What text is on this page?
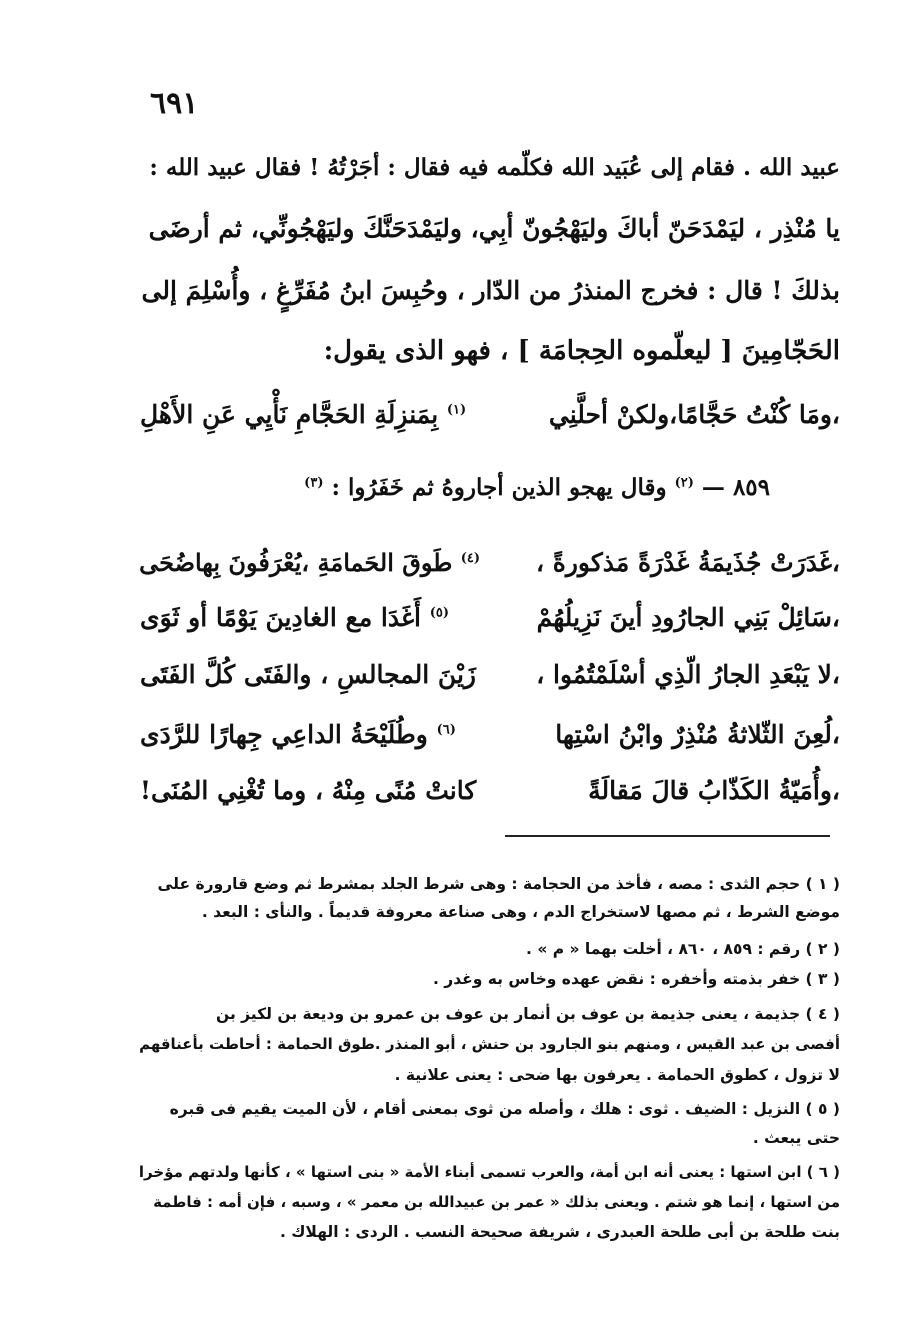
٦٩١
عبيد الله . فقام إلى عُبَيد الله فكلّمه فيه فقال : أجَرْتُهُ ! فقال عبيد الله :
يا مُنْذِر ، ليَمْدَحَنّ أباكَ وليَهْجُونّ أبِي، وليَمْدَحَنَّكَ وليَهْجُونِّي، ثم أرضَى
بذلكَ ! قال : فخرج المنذرُ من الدّار ، وحُبِسَ ابنُ مُفَرِّغٍ ، وأُسْلِمَ إلى
الحَجّامِينَ [ ليعلّموه الحِجامَة ] ، فهو الذى يقول:
،ومَا كُنْتُ حَجَّامًا،ولكنْ أحلَّنِي
$^{(١)}$ بِمَنزِلَةِ الحَجَّامِ نَأْيِي عَنِ الأَهْلِ
٨٥٩ — $^{(٢)}$ وقال يهجو الذين أجاروهُ ثم خَفَرُوا : $^{(٣)}$
،غَدَرَتْ جُذَيمَةُ غَدْرَةً مَذكورةً ،
$^{(٤)}$ طَوقَ الحَمامَةِ ،يُعْرَفُونَ بِهاضُحَى
،سَائِلْ بَنِي الجارُودِ أينَ نَزِيلُهُمْ
$^{(٥)}$ أَغَدَا مع الغادِينَ يَوْمًا أو ثَوَى
،لا يَبْعَدِ الجارُ الّذِي أسْلَمْتُمُوا ،
زَيْنَ المجالسِ ، والفَتَى كُلَّ الفَتَى
،لُعِنَ الثّلاثةُ مُنْذِرٌ وابْنُ اسْتِها
$^{(٦)}$ وطُلَيْحَةُ الداعِي جِهارًا للرَّدَى
،وأُمَيّةُ الكَذّابُ قالَ مَقالَةً
كانتْ مُنًى مِنْهُ ، وما تُغْنِي المُنَى!
( ١ ) حجم الثدى : مصه ، فأخذ من الحجامة : وهى شرط الجلد بمشرط ثم وضع قارورة على
موضع الشرط ، ثم مصها لاستخراج الدم ، وهى صناعة معروفة قديماً . والنأى : البعد .
( ٢ ) رقم : ٨٥٩ ، ٨٦٠ ، أخلت بهما « م » .
( ٣ ) خفر بذمته وأخفره : نقض عهده وخاس به وغدر .
( ٤ ) جذيمة ، يعنى جذيمة بن عوف بن أنمار بن عوف بن عمرو بن وديعة بن لكيز بن
أفصى بن عبد القيس ، ومنهم بنو الجارود بن حنش ، أبو المنذر .طوق الحمامة : أحاطت بأعناقهم
لا تزول ، كطوق الحمامة . يعرفون بها ضحى : يعنى علانية .
( ٥ ) النزيل : الضيف . ثوى : هلك ، وأصله من ثوى بمعنى أقام ، لأن الميت يقيم فى قبره
حتى يبعث .
( ٦ ) ابن استها : يعنى أنه ابن أمة، والعرب تسمى أبناء الأمة « بنى استها » ، كأنها ولدتهم مؤخرا
من استها ، إنما هو شتم . ويعنى بذلك « عمر بن عبيدالله بن معمر » ، وسبه ، فإن أمه : فاطمة
بنت طلحة بن أبى طلحة العبدرى ، شريفة صحيحة النسب . الردى : الهلاك .
